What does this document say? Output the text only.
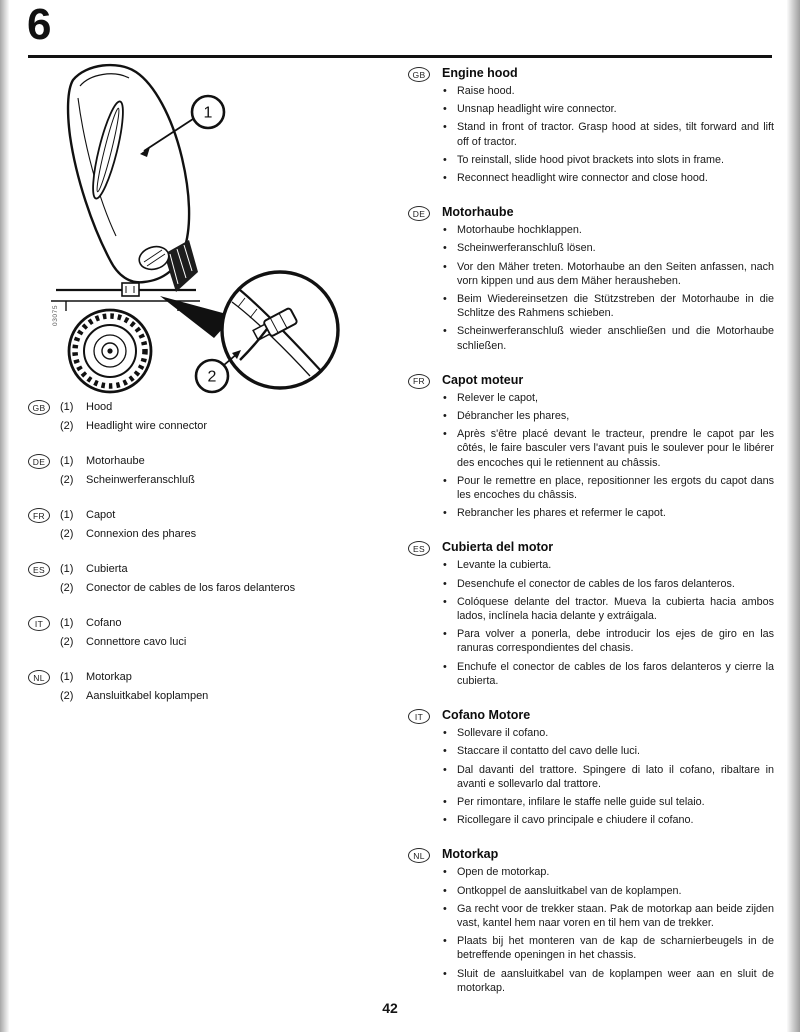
6
03075
1
2
GB	(1)	Hood
(2)	Headlight wire connector
DE	(1)	Motorhaube
(2)	Scheinwerferanschluß
FR	(1)	Capot
(2)	Connexion des phares
ES	(1)	Cubierta
(2)	Conector de cables de los faros delanteros
IT	(1)	Cofano
(2)	Connettore cavo luci
NL	(1)	Motorkap
(2)	Aansluitkabel koplampen
GB	Engine hood
• Raise hood.
• Unsnap headlight wire connector.
• Stand in front of tractor. Grasp hood at sides, tilt forward and lift off of tractor.
• To reinstall, slide hood pivot brackets into slots in frame.
• Reconnect headlight wire connector and close hood.
DE	Motorhaube
• Motorhaube hochklappen.
• Scheinwerferanschluß lösen.
• Vor den Mäher treten. Motorhaube an den Seiten anfassen, nach vorn kippen und aus dem Mäher herausheben.
• Beim Wiedereinsetzen die Stützstreben der Motorhaube in die Schlitze des Rahmens schieben.
• Scheinwerferanschluß wieder anschließen und die Motorhaube schließen.
FR	Capot moteur
• Relever le capot,
• Débrancher les phares,
• Après s'être placé devant le tracteur, prendre le capot par les côtés, le faire basculer vers l'avant puis le soulever pour le libérer des encoches qui le retiennent au châssis.
• Pour le remettre en place, repositionner les ergots du capot dans les encoches du châssis.
• Rebrancher les phares et refermer le capot.
ES	Cubierta del motor
• Levante la cubierta.
• Desenchufe el conector de cables de los faros delanteros.
• Colóquese delante del tractor. Mueva la cubierta hacia ambos lados, inclínela hacia delante y extráigala.
• Para volver a ponerla, debe introducir los ejes de giro en las ranuras correspondientes del chasis.
• Enchufe el conector de cables de los faros delanteros y cierre la cubierta.
IT	Cofano Motore
• Sollevare il cofano.
• Staccare il contatto del cavo delle luci.
• Dal davanti del trattore. Spingere di lato il cofano, ribaltare in avanti e sollevarlo dal trattore.
• Per rimontare, infilare le staffe nelle guide sul telaio.
• Ricollegare il cavo principale e chiudere il cofano.
NL	Motorkap
• Open de motorkap.
• Ontkoppel de aansluitkabel van de koplampen.
• Ga recht voor de trekker staan. Pak de motorkap aan beide zijden vast, kantel hem naar voren en til hem van de trekker.
• Plaats bij het monteren van de kap de scharnierbeugels in de betreffende openingen in het chassis.
• Sluit de aansluitkabel van de koplampen weer aan en sluit de motorkap.
42
